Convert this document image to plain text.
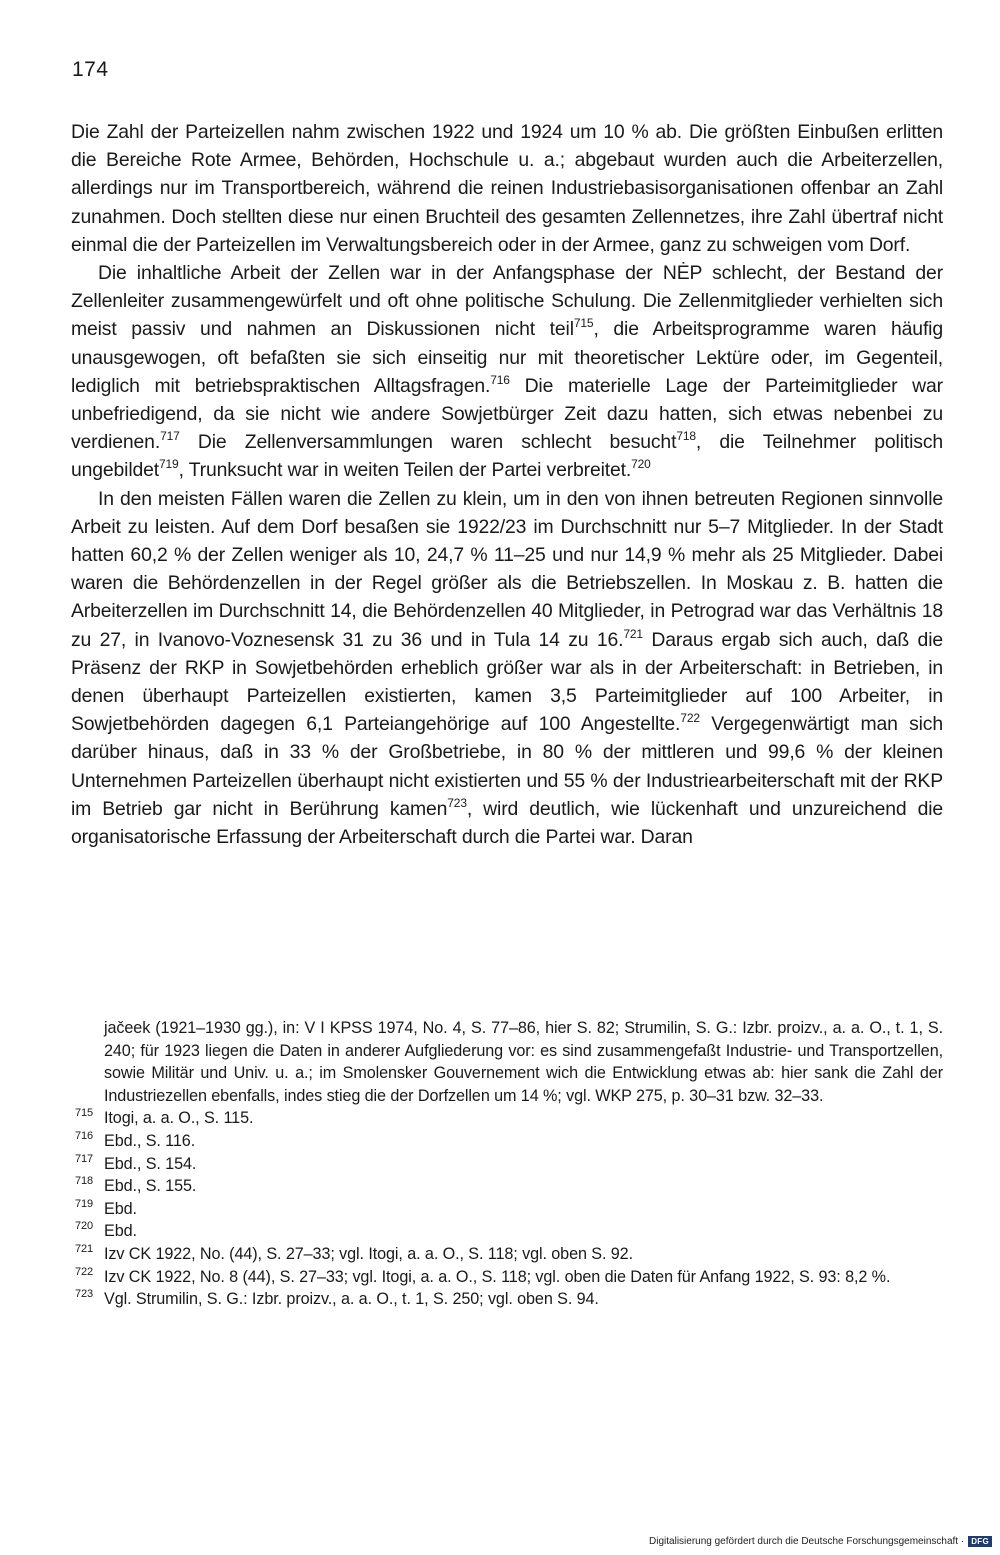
174

Die Zahl der Parteizellen nahm zwischen 1922 und 1924 um 10 % ab. Die größten Einbußen erlitten die Bereiche Rote Armee, Behörden, Hochschule u. a.; abgebaut wurden auch die Arbeiterzellen, allerdings nur im Transportbereich, während die reinen Industriebasisorganisationen offenbar an Zahl zunahmen. Doch stellten diese nur einen Bruchteil des gesamten Zellennetzes, ihre Zahl übertraf nicht einmal die der Parteizellen im Verwaltungsbereich oder in der Armee, ganz zu schweigen vom Dorf.

Die inhaltliche Arbeit der Zellen war in der Anfangsphase der NĖP schlecht, der Bestand der Zellenleiter zusammengewürfelt und oft ohne politische Schulung. Die Zellenmitglieder verhielten sich meist passiv und nahmen an Diskussionen nicht teil$^{715}$, die Arbeitsprogramme waren häufig unausgewogen, oft befaßten sie sich einseitig nur mit theoretischer Lektüre oder, im Gegenteil, lediglich mit betriebspraktischen Alltagsfragen.$^{716}$ Die materielle Lage der Parteimitglieder war unbefriedigend, da sie nicht wie andere Sowjetbürger Zeit dazu hatten, sich etwas nebenbei zu verdienen.$^{717}$ Die Zellenversammlungen waren schlecht besucht$^{718}$, die Teilnehmer politisch ungebildet$^{719}$, Trunksucht war in weiten Teilen der Partei verbreitet.$^{720}$

In den meisten Fällen waren die Zellen zu klein, um in den von ihnen betreuten Regionen sinnvolle Arbeit zu leisten. Auf dem Dorf besaßen sie 1922/23 im Durchschnitt nur 5–7 Mitglieder. In der Stadt hatten 60,2 % der Zellen weniger als 10, 24,7 % 11–25 und nur 14,9 % mehr als 25 Mitglieder. Dabei waren die Behördenzellen in der Regel größer als die Betriebszellen. In Moskau z. B. hatten die Arbeiterzellen im Durchschnitt 14, die Behördenzellen 40 Mitglieder, in Petrograd war das Verhältnis 18 zu 27, in Ivanovo-Voznesensk 31 zu 36 und in Tula 14 zu 16.$^{721}$ Daraus ergab sich auch, daß die Präsenz der RKP in Sowjetbehörden erheblich größer war als in der Arbeiterschaft: in Betrieben, in denen überhaupt Parteizellen existierten, kamen 3,5 Parteimitglieder auf 100 Arbeiter, in Sowjetbehörden dagegen 6,1 Parteiangehörige auf 100 Angestellte.$^{722}$ Vergegenwärtigt man sich darüber hinaus, daß in 33 % der Großbetriebe, in 80 % der mittleren und 99,6 % der kleinen Unternehmen Parteizellen überhaupt nicht existierten und 55 % der Industriearbeiterschaft mit der RKP im Betrieb gar nicht in Berührung kamen$^{723}$, wird deutlich, wie lückenhaft und unzureichend die organisatorische Erfassung der Arbeiterschaft durch die Partei war. Daran

jačeek (1921–1930 gg.), in: V I KPSS 1974, No. 4, S. 77–86, hier S. 82; Strumilin, S. G.: Izbr. proizv., a. a. O., t. 1, S. 240; für 1923 liegen die Daten in anderer Aufgliederung vor: es sind zusammengefaßt Industrie- und Transportzellen, sowie Militär und Univ. u. a.; im Smolensker Gouvernement wich die Entwicklung etwas ab: hier sank die Zahl der Industriezellen ebenfalls, indes stieg die der Dorfzellen um 14 %; vgl. WKP 275, p. 30–31 bzw. 32–33.

715 Itogi, a. a. O., S. 115.
716 Ebd., S. 116.
717 Ebd., S. 154.
718 Ebd., S. 155.
719 Ebd.
720 Ebd.
721 Izv CK 1922, No. (44), S. 27–33; vgl. Itogi, a. a. O., S. 118; vgl. oben S. 92.
722 Izv CK 1922, No. 8 (44), S. 27–33; vgl. Itogi, a. a. O., S. 118; vgl. oben die Daten für Anfang 1922, S. 93: 8,2 %.
723 Vgl. Strumilin, S. G.: Izbr. proizv., a. a. O., t. 1, S. 250; vgl. oben S. 94.
Digitalisierung gefördert durch die Deutsche Forschungsgemeinschaft · DFG
